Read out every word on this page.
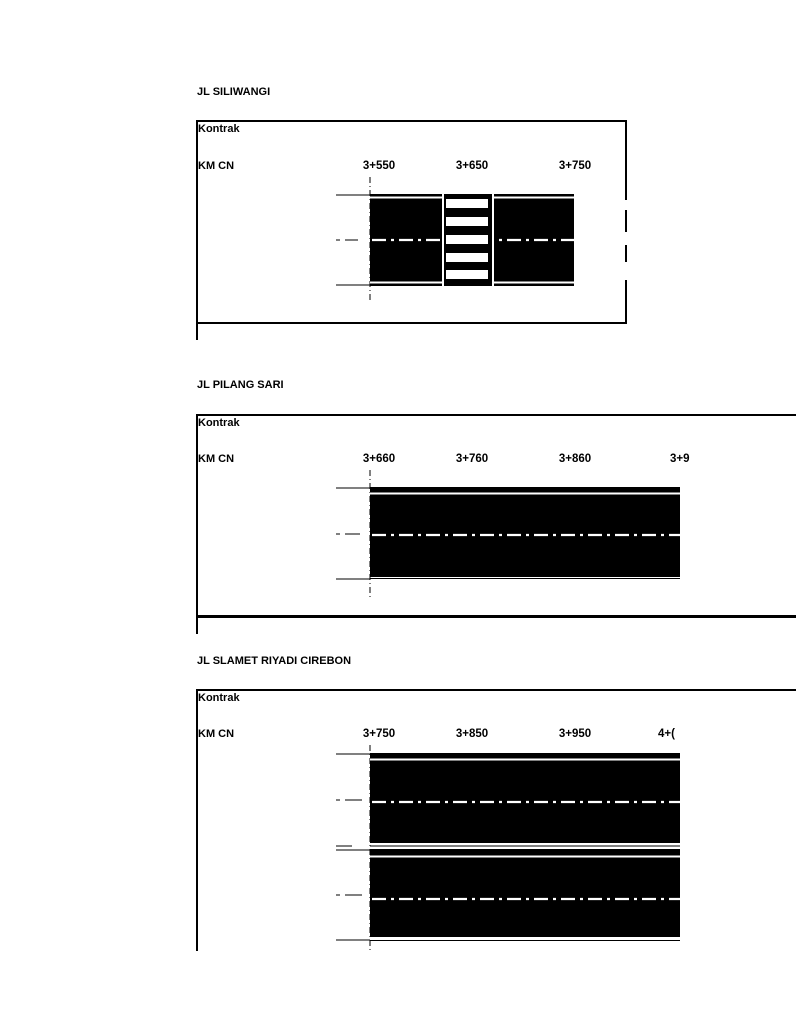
JL SILIWANGI
Kontrak
KM CN	3+550	3+650	3+750
JL PILANG SARI
Kontrak
KM CN	3+660	3+760	3+860	3+9
JL SLAMET RIYADI CIREBON
Kontrak
KM CN	3+750	3+850	3+950	4+(
